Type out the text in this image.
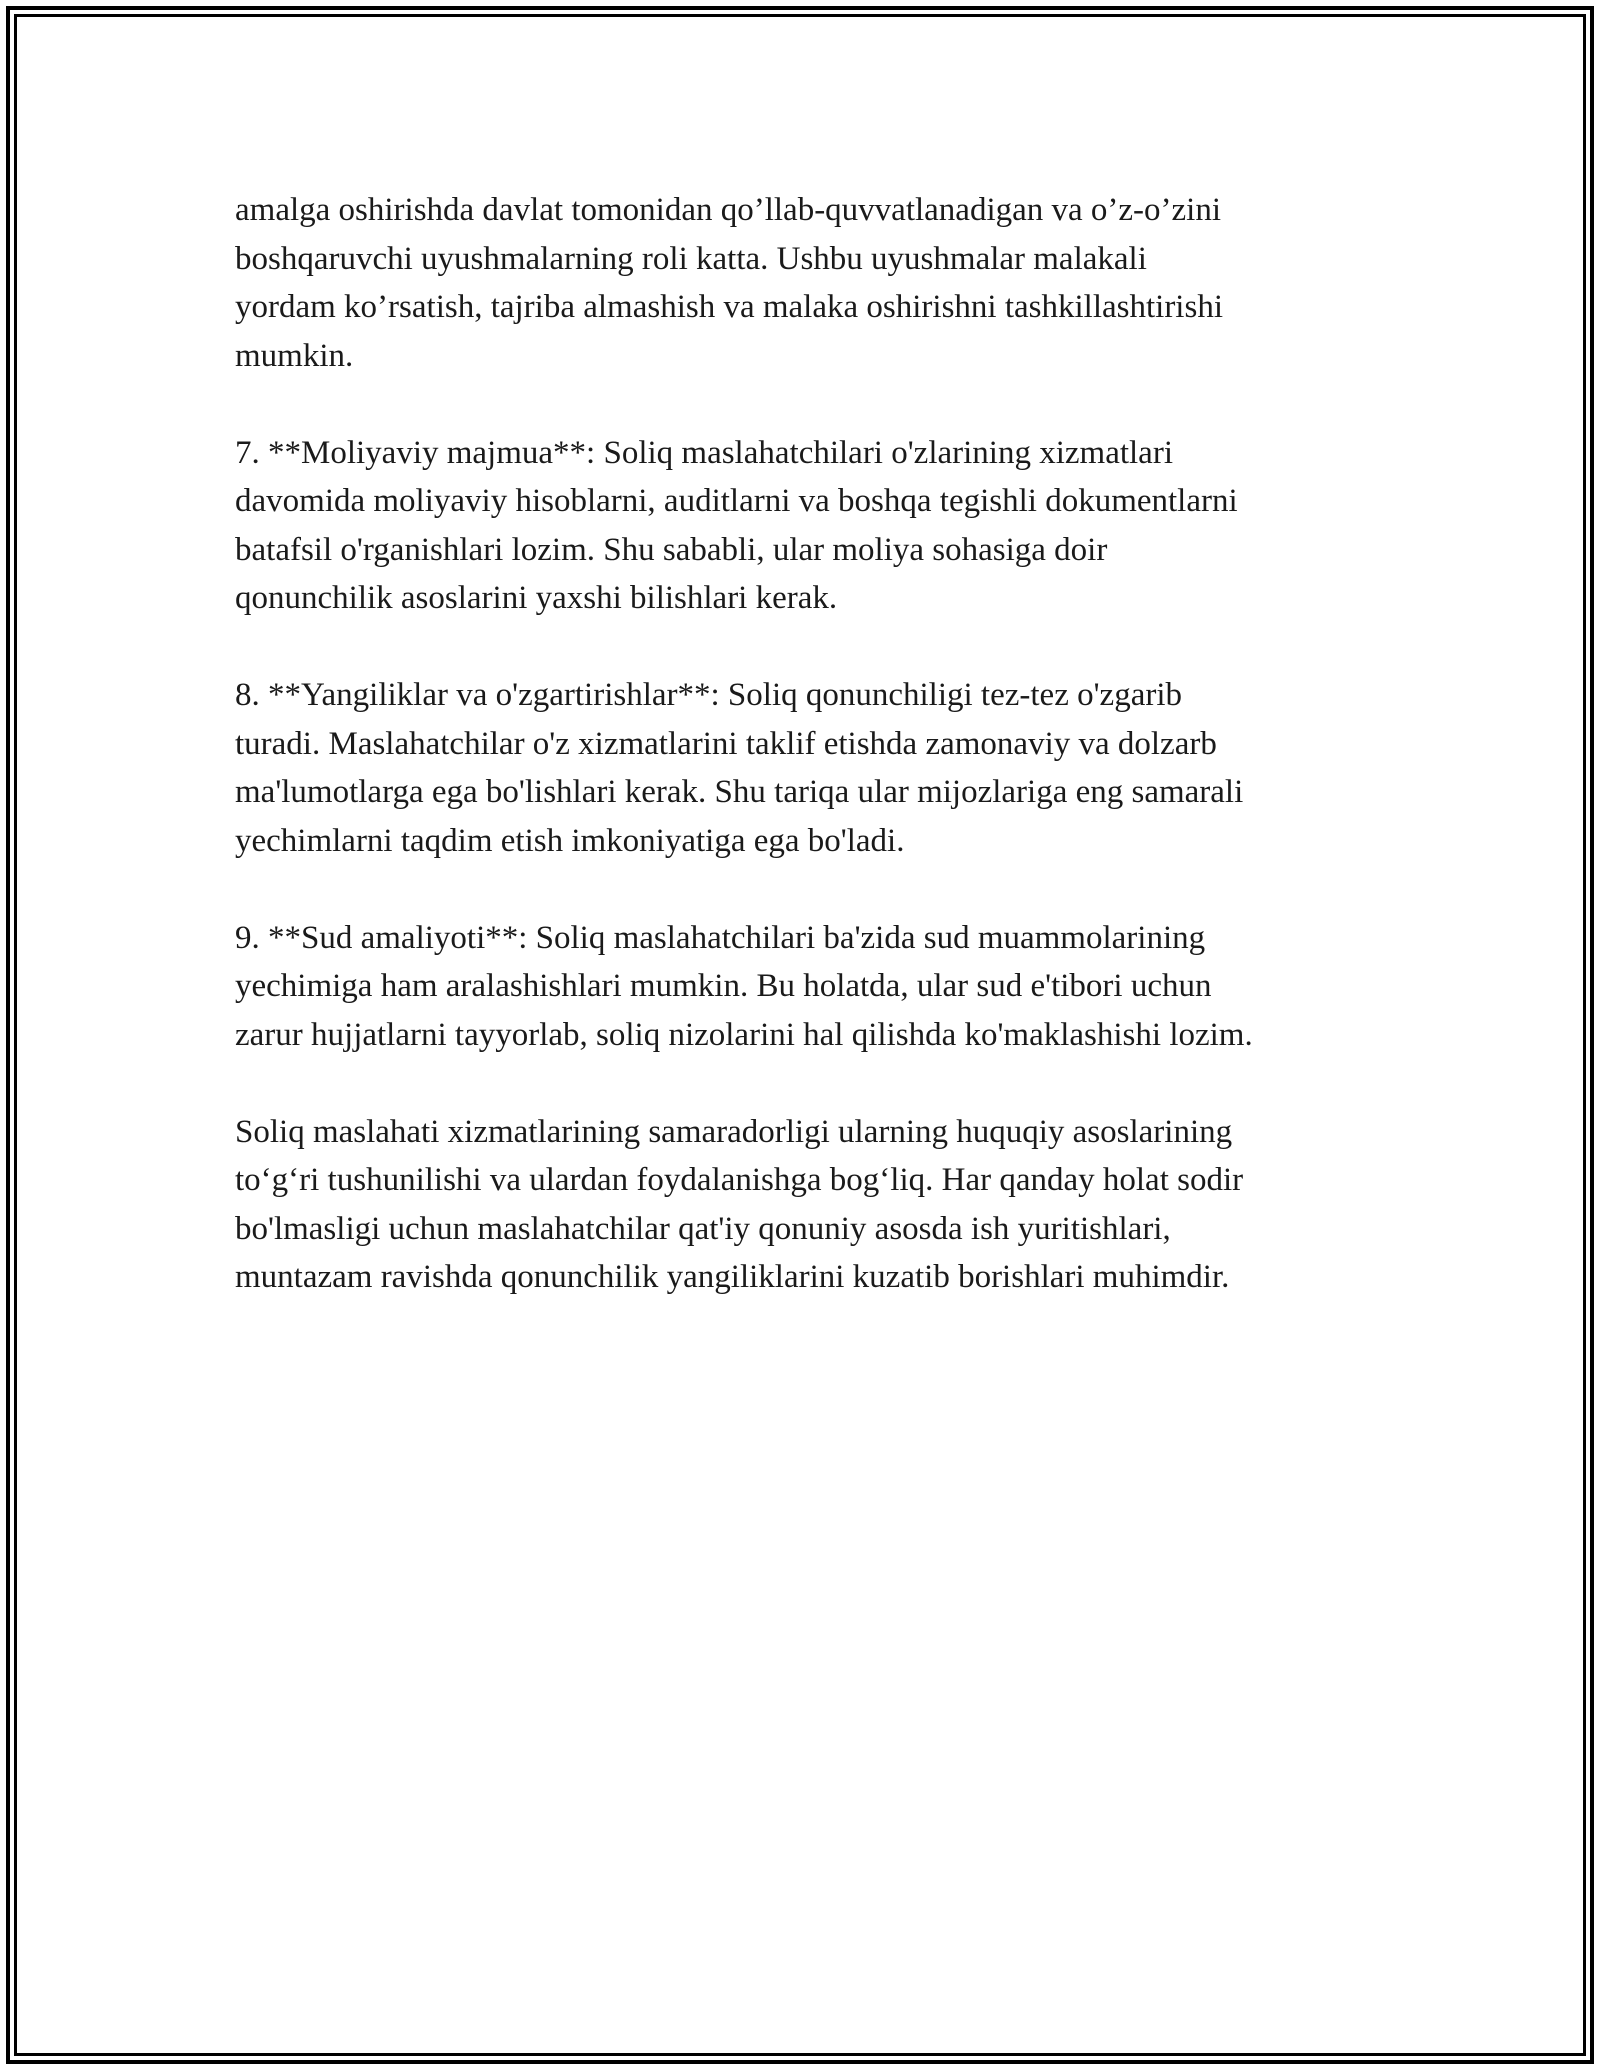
amalga oshirishda davlat tomonidan qo’llab-quvvatlanadigan va o’z-o’zini
boshqaruvchi uyushmalarning roli katta. Ushbu uyushmalar malakali
yordam ko’rsatish, tajriba almashish va malaka oshirishni tashkillashtirishi
mumkin.

7. **Moliyaviy majmua**: Soliq maslahatchilari o'zlarining xizmatlari
davomida moliyaviy hisoblarni, auditlarni va boshqa tegishli dokumentlarni
batafsil o'rganishlari lozim. Shu sababli, ular moliya sohasiga doir
qonunchilik asoslarini yaxshi bilishlari kerak.

8. **Yangiliklar va o'zgartirishlar**: Soliq qonunchiligi tez-tez o'zgarib
turadi. Maslahatchilar o'z xizmatlarini taklif etishda zamonaviy va dolzarb
ma'lumotlarga ega bo'lishlari kerak. Shu tariqa ular mijozlariga eng samarali
yechimlarni taqdim etish imkoniyatiga ega bo'ladi.

9. **Sud amaliyoti**: Soliq maslahatchilari ba'zida sud muammolarining
yechimiga ham aralashishlari mumkin. Bu holatda, ular sud e'tibori uchun
zarur hujjatlarni tayyorlab, soliq nizolarini hal qilishda ko'maklashishi lozim.

Soliq maslahati xizmatlarining samaradorligi ularning huquqiy asoslarining
to‘g‘ri tushunilishi va ulardan foydalanishga bog‘liq. Har qanday holat sodir
bo'lmasligi uchun maslahatchilar qat'iy qonuniy asosda ish yuritishlari,
muntazam ravishda qonunchilik yangiliklarini kuzatib borishlari muhimdir.
